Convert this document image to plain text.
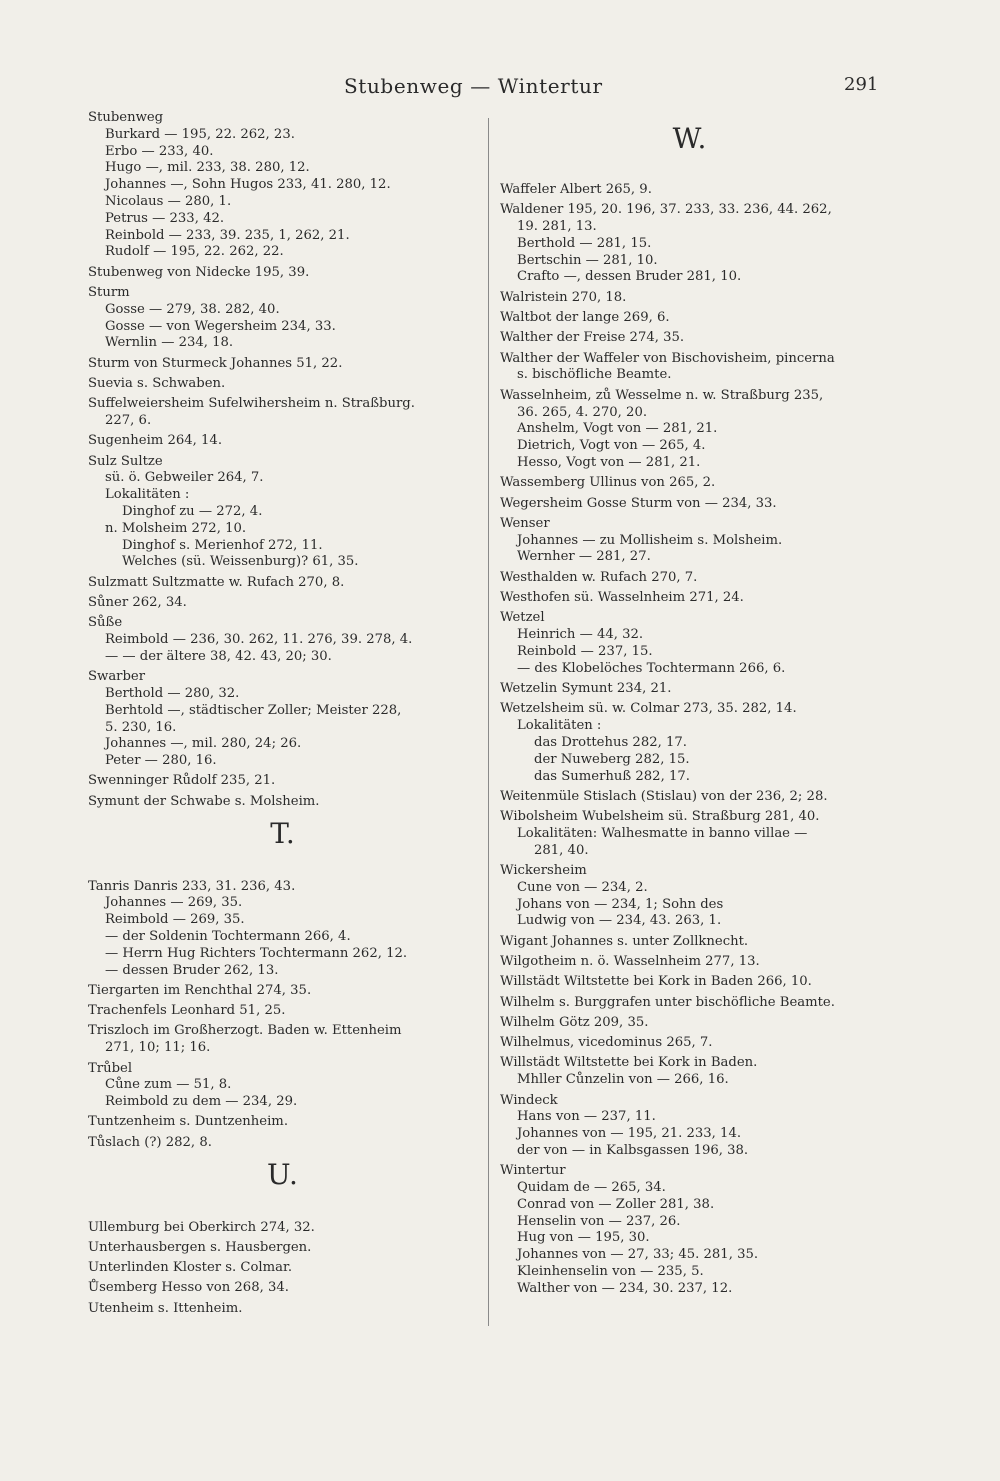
Stubenweg — Wintertur	291
Stubenweg
Burkard — 195, 22. 262, 23.
Erbo — 233, 40.
Hugo —, mil. 233, 38. 280, 12.
Johannes —, Sohn Hugos 233, 41. 280, 12.
Nicolaus — 280, 1.
Petrus — 233, 42.
Reinbold — 233, 39. 235, 1, 262, 21.
Rudolf — 195, 22. 262, 22.
Stubenweg von Nidecke 195, 39.
Sturm
Gosse — 279, 38. 282, 40.
Gosse — von Wegersheim 234, 33.
Wernlin — 234, 18.
Sturm von Sturmeck Johannes 51, 22.
Suevia s. Schwaben.
Suffelweiersheim Sufelwihersheim n. Straßburg.
227, 6.
Sugenheim 264, 14.
Sulz Sultze
sü. ö. Gebweiler 264, 7.
Lokalitäten :
Dinghof zu — 272, 4.
n. Molsheim 272, 10.
Dinghof s. Merienhof 272, 11.
Welches (sü. Weissenburg)? 61, 35.
Sulzmatt Sultzmatte w. Rufach 270, 8.
Sůner 262, 34.
Sůße
Reimbold — 236, 30. 262, 11. 276, 39. 278, 4.
— — der ältere 38, 42. 43, 20; 30.
Swarber
Berthold — 280, 32.
Berhtold —, städtischer Zoller; Meister 228,
5. 230, 16.
Johannes —, mil. 280, 24; 26.
Peter — 280, 16.
Swenninger Růdolf 235, 21.
Symunt der Schwabe s. Molsheim.
T.
Tanris Danris 233, 31. 236, 43.
Johannes — 269, 35.
Reimbold — 269, 35.
— der Soldenin Tochtermann 266, 4.
— Herrn Hug Richters Tochtermann 262, 12.
— dessen Bruder 262, 13.
Tiergarten im Renchthal 274, 35.
Trachenfels Leonhard 51, 25.
Triszloch im Großherzogt. Baden w. Ettenheim
271, 10; 11; 16.
Trůbel
Cůne zum — 51, 8.
Reimbold zu dem — 234, 29.
Tuntzenheim s. Duntzenheim.
Tůslach (?) 282, 8.
U.
Ullemburg bei Oberkirch 274, 32.
Unterhausbergen s. Hausbergen.
Unterlinden Kloster s. Colmar.
Ůsemberg Hesso von 268, 34.
Utenheim s. Ittenheim.
W.
Waffeler Albert 265, 9.
Waldener 195, 20. 196, 37. 233, 33. 236, 44. 262,
19. 281, 13.
Berthold — 281, 15.
Bertschin — 281, 10.
Crafto —, dessen Bruder 281, 10.
Walristein 270, 18.
Waltbot der lange 269, 6.
Walther der Freise 274, 35.
Walther der Waffeler von Bischovisheim, pincerna
s. bischöfliche Beamte.
Wasselnheim, zů Wesselme n. w. Straßburg 235,
36. 265, 4. 270, 20.
Anshelm, Vogt von — 281, 21.
Dietrich, Vogt von — 265, 4.
Hesso, Vogt von — 281, 21.
Wassemberg Ullinus von 265, 2.
Wegersheim Gosse Sturm von — 234, 33.
Wenser
Johannes — zu Mollisheim s. Molsheim.
Wernher — 281, 27.
Westhalden w. Rufach 270, 7.
Westhofen sü. Wasselnheim 271, 24.
Wetzel
Heinrich — 44, 32.
Reinbold — 237, 15.
— des Klobelöches Tochtermann 266, 6.
Wetzelin Symunt 234, 21.
Wetzelsheim sü. w. Colmar 273, 35. 282, 14.
Lokalitäten :
das Drottehus 282, 17.
der Nuweberg 282, 15.
das Sumerhuß 282, 17.
Weitenmüle Stislach (Stislau) von der 236, 2; 28.
Wibolsheim Wubelsheim sü. Straßburg 281, 40.
Lokalitäten: Walhesmatte in banno villae —
281, 40.
Wickersheim
Cune von — 234, 2.
Johans von — 234, 1; Sohn des
Ludwig von — 234, 43. 263, 1.
Wigant Johannes s. unter Zollknecht.
Wilgotheim n. ö. Wasselnheim 277, 13.
Willstädt Wiltstette bei Kork in Baden 266, 10.
Wilhelm s. Burggrafen unter bischöfliche Beamte.
Wilhelm Götz 209, 35.
Wilhelmus, vicedominus 265, 7.
Willstädt Wiltstette bei Kork in Baden.
Mhller Cůnzelin von — 266, 16.
Windeck
Hans von — 237, 11.
Johannes von — 195, 21. 233, 14.
der von — in Kalbsgassen 196, 38.
Wintertur
Quidam de — 265, 34.
Conrad von — Zoller 281, 38.
Henselin von — 237, 26.
Hug von — 195, 30.
Johannes von — 27, 33; 45. 281, 35.
Kleinhenselin von — 235, 5.
Walther von — 234, 30. 237, 12.
